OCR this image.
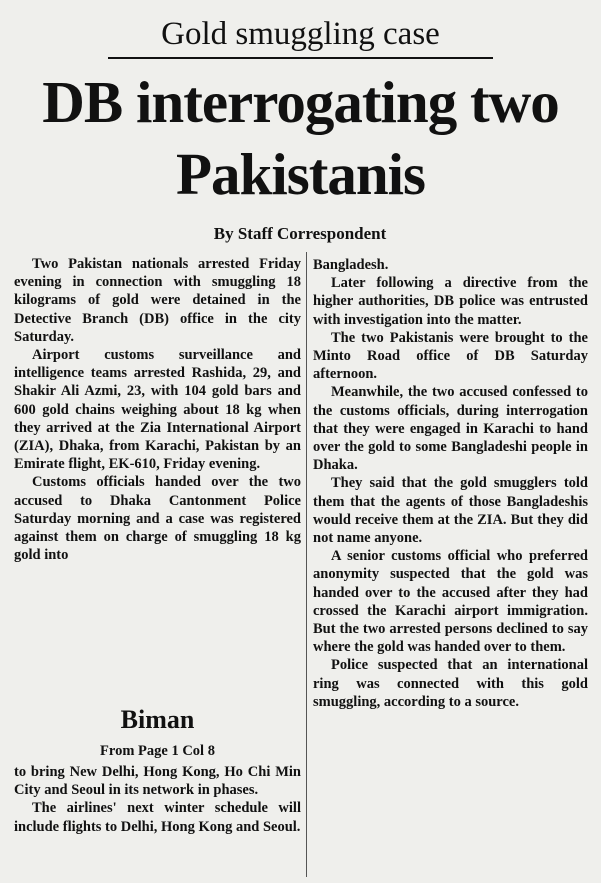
Gold smuggling case
DB interrogating two Pakistanis
By Staff Correspondent

Two Pakistan nationals arrested Friday evening in connection with smuggling 18 kilograms of gold were detained in the Detective Branch (DB) office in the city Saturday.

Airport customs surveillance and intelligence teams arrested Rashida, 29, and Shakir Ali Azmi, 23, with 104 gold bars and 600 gold chains weighing about 18 kg when they arrived at the Zia International Airport (ZIA), Dhaka, from Karachi, Pakistan by an Emirate flight, EK-610, Friday evening.

Customs officials handed over the two accused to Dhaka Cantonment Police Saturday morning and a case was registered against them on charge of smuggling 18 kg gold into

Bangladesh.

Later following a directive from the higher authorities, DB police was entrusted with investigation into the matter.

The two Pakistanis were brought to the Minto Road office of DB Saturday afternoon.

Meanwhile, the two accused confessed to the customs officials, during interrogation that they were engaged in Karachi to hand over the gold to some Bangladeshi people in Dhaka.

They said that the gold smugglers told them that the agents of those Bangladeshis would receive them at the ZIA. But they did not name anyone.

A senior customs official who preferred anonymity suspected that the gold was handed over to the accused after they had crossed the Karachi airport immigration. But the two arrested persons declined to say where the gold was handed over to them.

Police suspected that an international ring was connected with this gold smuggling, according to a source.

Biman
From Page 1 Col 8

to bring New Delhi, Hong Kong, Ho Chi Min City and Seoul in its network in phases.

The airlines' next winter schedule will include flights to Delhi, Hong Kong and Seoul.
